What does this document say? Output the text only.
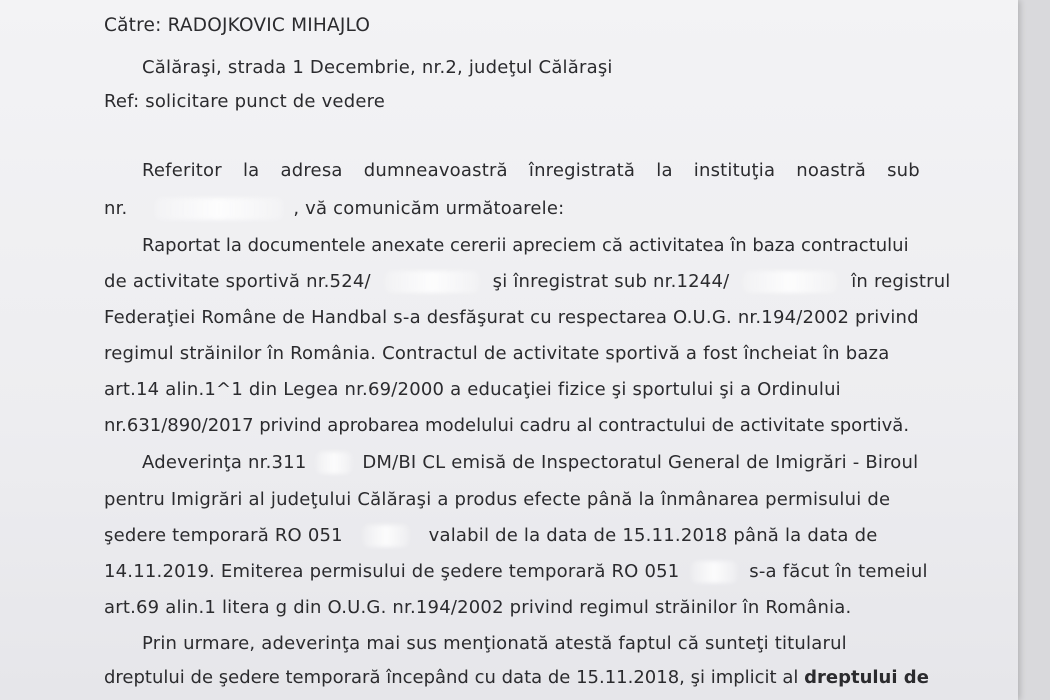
Către: RADOJKOVIC MIHAJLO
Călăraşi, strada 1 Decembrie, nr.2, judeţul Călăraşi
Ref: solicitare punct de vedere
Referitor la adresa dumneavoastră înregistrată la instituţia noastră sub
nr.	, vă comunicăm următoarele:
Raportat la documentele anexate cererii apreciem că activitatea în baza contractului
de activitate sportivă nr.524/	şi înregistrat sub nr.1244/	în registrul
Federaţiei Române de Handbal s-a desfăşurat cu respectarea O.U.G. nr.194/2002 privind
regimul străinilor în România. Contractul de activitate sportivă a fost încheiat în baza
art.14 alin.1^1 din Legea nr.69/2000 a educaţiei fizice şi sportului şi a Ordinului
nr.631/890/2017 privind aprobarea modelului cadru al contractului de activitate sportivă.
Adeverinţa nr.311	DM/BI CL emisă de Inspectoratul General de Imigrări - Biroul
pentru Imigrări al judeţului Călăraşi a produs efecte până la înmânarea permisului de
şedere temporară RO 051	valabil de la data de 15.11.2018 până la data de
14.11.2019. Emiterea permisului de şedere temporară RO 051	s-a făcut în temeiul
art.69 alin.1 litera g din O.U.G. nr.194/2002 privind regimul străinilor în România.
Prin urmare, adeverinţa mai sus menţionată atestă faptul că sunteţi titularul
dreptului de şedere temporară începând cu data de 15.11.2018, şi implicit al dreptului de
